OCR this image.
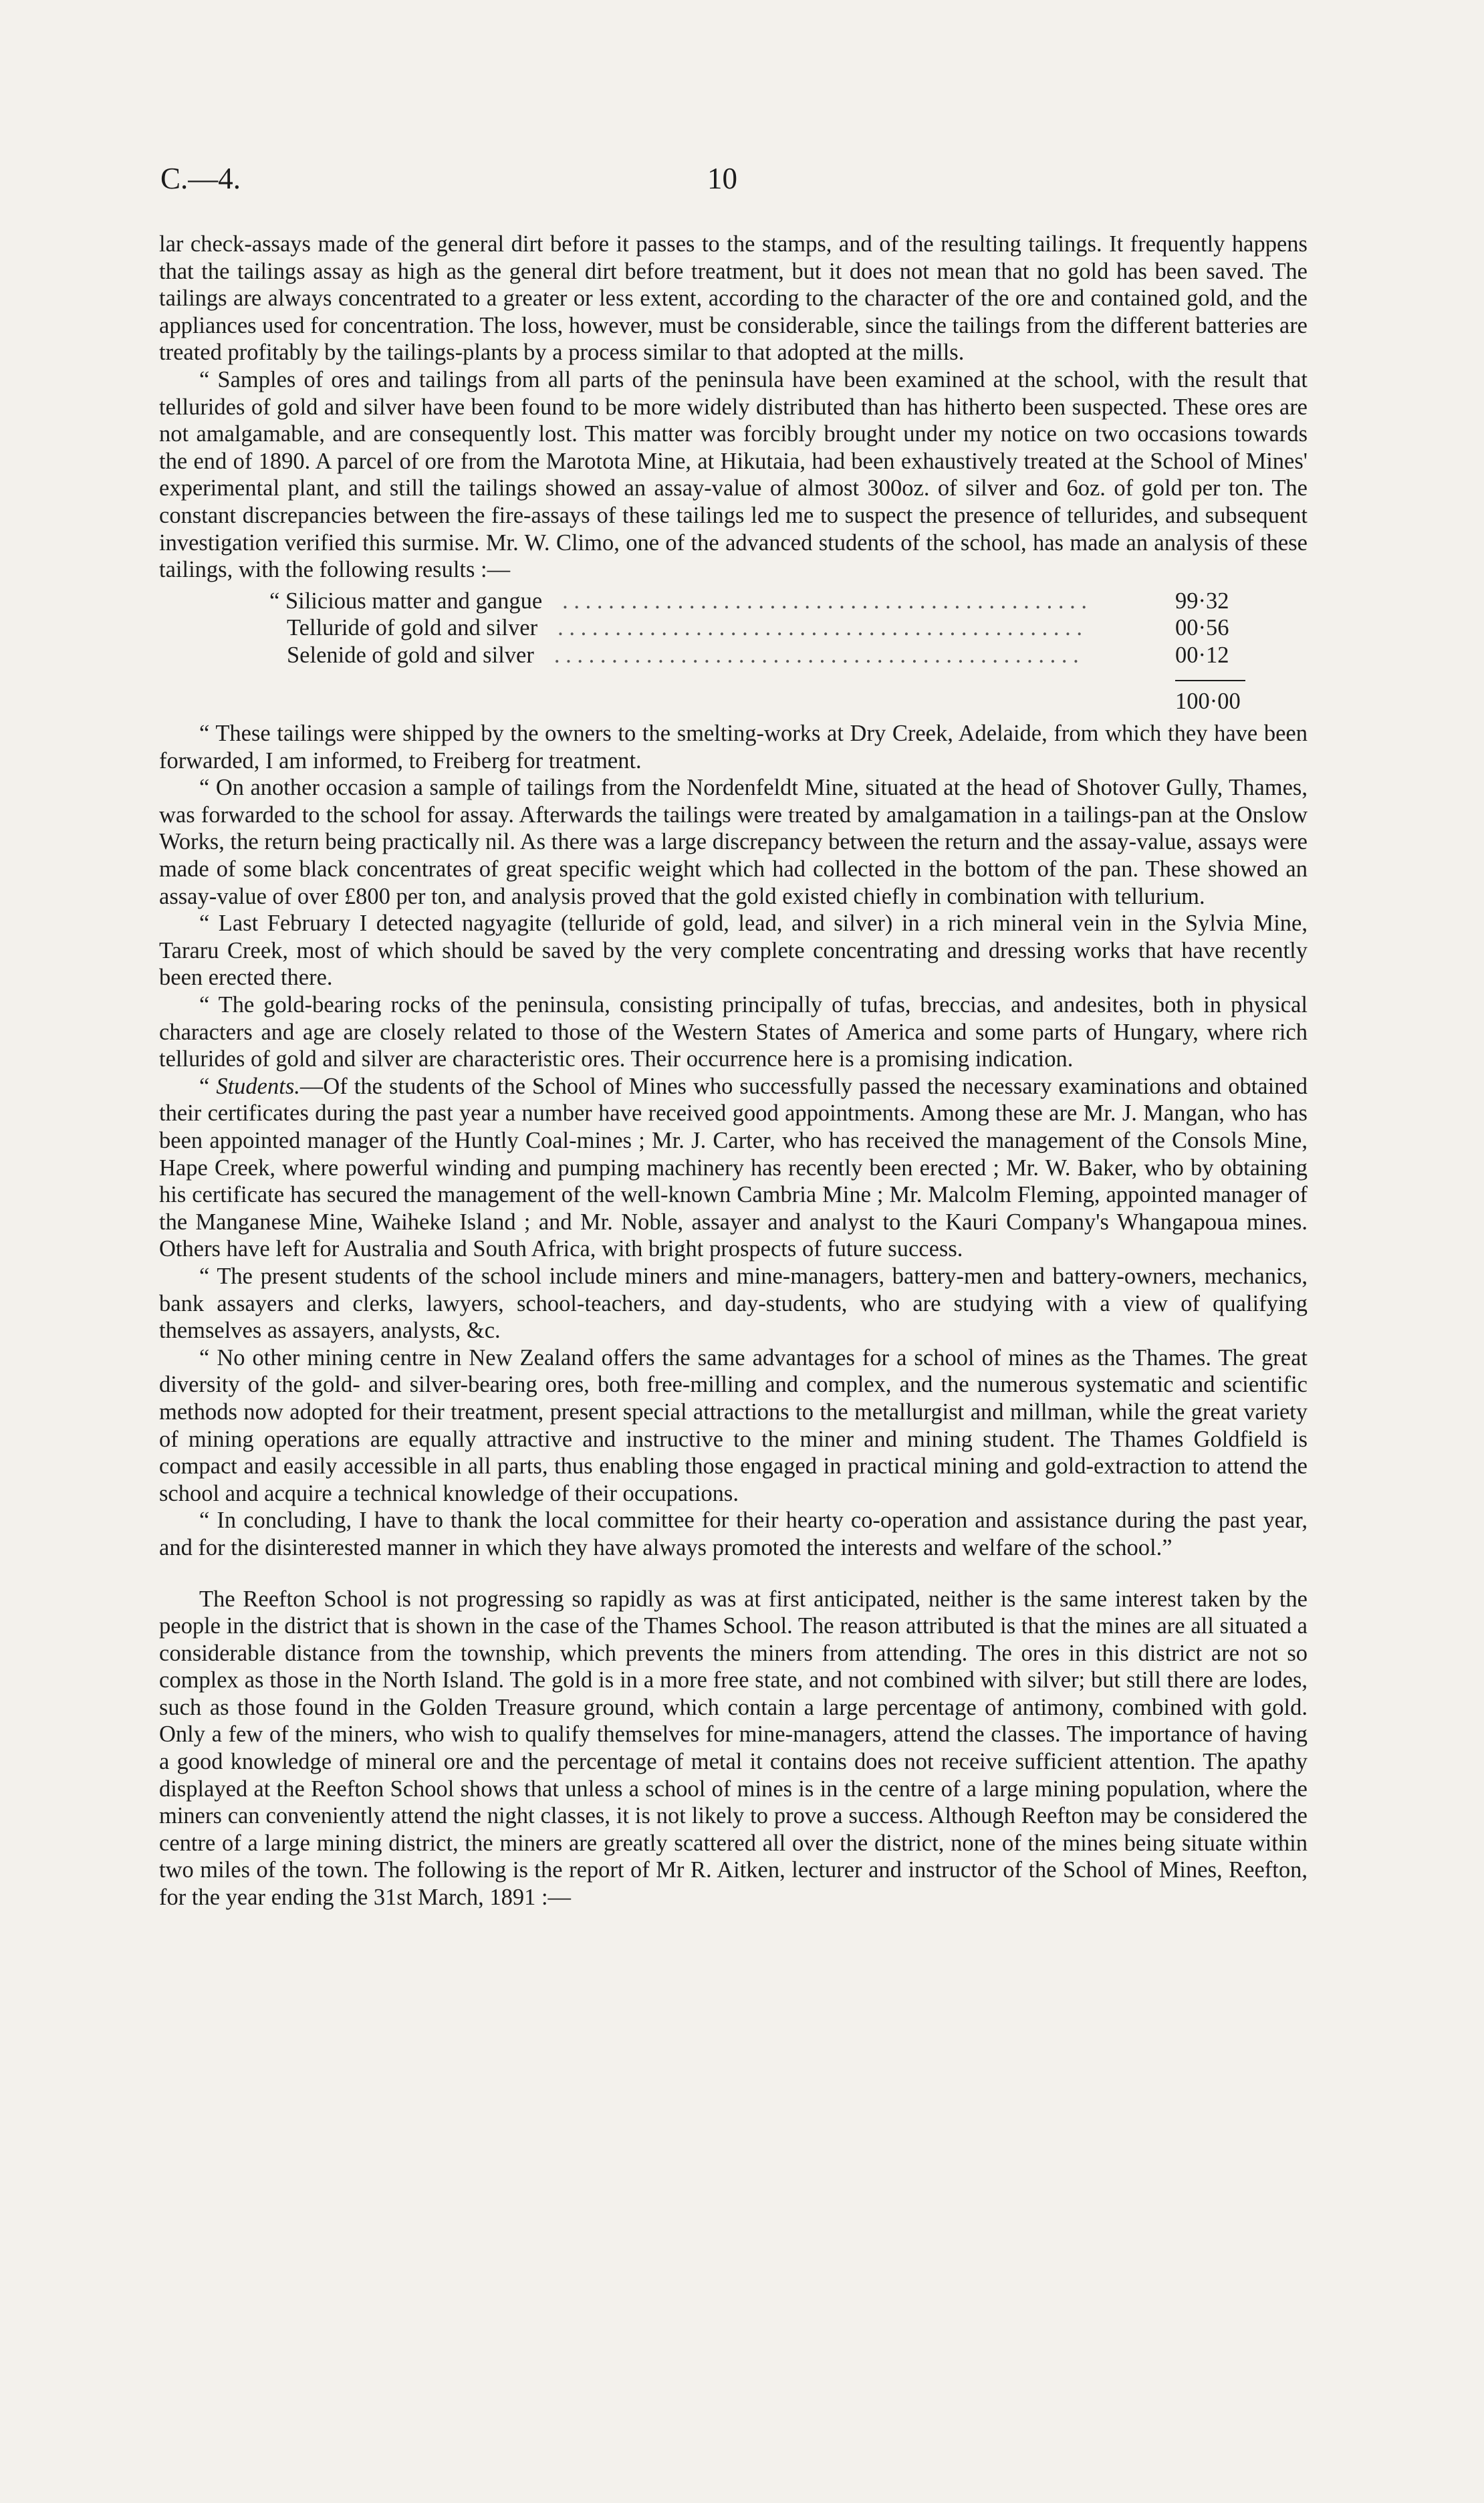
C.—4.	10

lar check-assays made of the general dirt before it passes to the stamps, and of the resulting tailings. It frequently happens that the tailings assay as high as the general dirt before treatment, but it does not mean that no gold has been saved. The tailings are always concentrated to a greater or less extent, according to the character of the ore and contained gold, and the appliances used for concentration. The loss, however, must be considerable, since the tailings from the different batteries are treated profitably by the tailings-plants by a process similar to that adopted at the mills.

“ Samples of ores and tailings from all parts of the peninsula have been examined at the school, with the result that tellurides of gold and silver have been found to be more widely distributed than has hitherto been suspected. These ores are not amalgamable, and are consequently lost. This matter was forcibly brought under my notice on two occasions towards the end of 1890. A parcel of ore from the Marotota Mine, at Hikutaia, had been exhaustively treated at the School of Mines' experimental plant, and still the tailings showed an assay-value of almost 300oz. of silver and 6oz. of gold per ton. The constant discrepancies between the fire-assays of these tailings led me to suspect the presence of tellurides, and subsequent investigation verified this surmise. Mr. W. Climo, one of the advanced students of the school, has made an analysis of these tailings, with the following results :—

“ Silicious matter and gangue . . . . . . . . . . . . . . . . . . . . . . . . . . . . . . . . . . . . . . . . . . . . . .	99·32
Telluride of gold and silver . . . . . . . . . . . . . . . . . . . . . . . . . . . . . . . . . . . . . . . . . . . . . .	00·56
Selenide of gold and silver . . . . . . . . . . . . . . . . . . . . . . . . . . . . . . . . . . . . . . . . . . . . . .	00·12
100·00

“ These tailings were shipped by the owners to the smelting-works at Dry Creek, Adelaide, from which they have been forwarded, I am informed, to Freiberg for treatment.

“ On another occasion a sample of tailings from the Nordenfeldt Mine, situated at the head of Shotover Gully, Thames, was forwarded to the school for assay. Afterwards the tailings were treated by amalgamation in a tailings-pan at the Onslow Works, the return being practically nil. As there was a large discrepancy between the return and the assay-value, assays were made of some black concentrates of great specific weight which had collected in the bottom of the pan. These showed an assay-value of over £800 per ton, and analysis proved that the gold existed chiefly in combination with tellurium.

“ Last February I detected nagyagite (telluride of gold, lead, and silver) in a rich mineral vein in the Sylvia Mine, Tararu Creek, most of which should be saved by the very complete concentrating and dressing works that have recently been erected there.

“ The gold-bearing rocks of the peninsula, consisting principally of tufas, breccias, and andesites, both in physical characters and age are closely related to those of the Western States of America and some parts of Hungary, where rich tellurides of gold and silver are characteristic ores. Their occurrence here is a promising indication.

“ Students.—Of the students of the School of Mines who successfully passed the necessary examinations and obtained their certificates during the past year a number have received good appointments. Among these are Mr. J. Mangan, who has been appointed manager of the Huntly Coal-mines ; Mr. J. Carter, who has received the management of the Consols Mine, Hape Creek, where powerful winding and pumping machinery has recently been erected ; Mr. W. Baker, who by obtaining his certificate has secured the management of the well-known Cambria Mine ; Mr. Malcolm Fleming, appointed manager of the Manganese Mine, Waiheke Island ; and Mr. Noble, assayer and analyst to the Kauri Company's Whangapoua mines. Others have left for Australia and South Africa, with bright prospects of future success.

“ The present students of the school include miners and mine-managers, battery-men and battery-owners, mechanics, bank assayers and clerks, lawyers, school-teachers, and day-students, who are studying with a view of qualifying themselves as assayers, analysts, &c.

“ No other mining centre in New Zealand offers the same advantages for a school of mines as the Thames. The great diversity of the gold- and silver-bearing ores, both free-milling and complex, and the numerous systematic and scientific methods now adopted for their treatment, present special attractions to the metallurgist and millman, while the great variety of mining operations are equally attractive and instructive to the miner and mining student. The Thames Goldfield is compact and easily accessible in all parts, thus enabling those engaged in practical mining and gold-extraction to attend the school and acquire a technical knowledge of their occupations.

“ In concluding, I have to thank the local committee for their hearty co-operation and assistance during the past year, and for the disinterested manner in which they have always promoted the interests and welfare of the school.”

The Reefton School is not progressing so rapidly as was at first anticipated, neither is the same interest taken by the people in the district that is shown in the case of the Thames School. The reason attributed is that the mines are all situated a considerable distance from the township, which prevents the miners from attending. The ores in this district are not so complex as those in the North Island. The gold is in a more free state, and not combined with silver; but still there are lodes, such as those found in the Golden Treasure ground, which contain a large percentage of antimony, combined with gold. Only a few of the miners, who wish to qualify themselves for mine-managers, attend the classes. The importance of having a good knowledge of mineral ore and the percentage of metal it contains does not receive sufficient attention. The apathy displayed at the Reefton School shows that unless a school of mines is in the centre of a large mining population, where the miners can conveniently attend the night classes, it is not likely to prove a success. Although Reefton may be considered the centre of a large mining district, the miners are greatly scattered all over the district, none of the mines being situate within two miles of the town. The following is the report of Mr R. Aitken, lecturer and instructor of the School of Mines, Reefton, for the year ending the 31st March, 1891 :—
